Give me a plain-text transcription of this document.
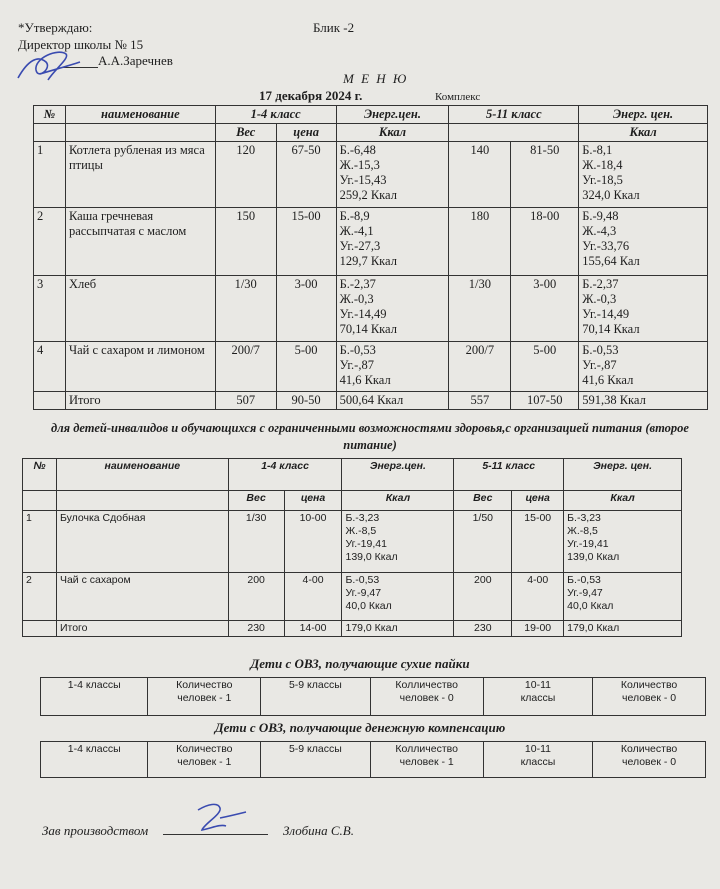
*Утверждаю:	Блик -2
Директор школы № 15
А.А.Заречнев
М Е Н Ю
17 декабря 2024 г.	Комплекс
№	наименование	1-4 класс		Энерг.цен.	5-11 класс		Энерг. цен.
		Вес	цена	Ккал			Ккал
1	Котлета рубленая из мяса птицы	120	67-50	Б.-6,48
Ж.-15,3
Уг.-15,43
259,2 Ккал	140	81-50	Б.-8,1
Ж.-18,4
Уг.-18,5
324,0 Ккал
2	Каша гречневая рассыпчатая с маслом	150	15-00	Б.-8,9
Ж.-4,1
Уг.-27,3
129,7 Ккал	180	18-00	Б.-9,48
Ж.-4,3
Уг.-33,76
155,64 Кал
3	Хлеб	1/30	3-00	Б.-2,37
Ж.-0,3
Уг.-14,49
70,14 Ккал	1/30	3-00	Б.-2,37
Ж.-0,3
Уг.-14,49
70,14 Ккал
4	Чай с сахаром и лимоном	200/7	5-00	Б.-0,53
Уг.-,87
41,6 Ккал	200/7	5-00	Б.-0,53
Уг.-,87
41,6 Ккал
	Итого	507	90-50	500,64 Ккал	557	107-50	591,38 Ккал
для детей-инвалидов и обучающихся с ограниченными возможностями здоровья,с организацией питания (второе питание)
№	наименование	1-4 класс		Энерг.цен.	5-11 класс		Энерг. цен.
		Вес	цена	Ккал	Вес	цена	Ккал
1	Булочка Сдобная	1/30	10-00	Б.-3,23
Ж.-8,5
Уг.-19,41
139,0 Ккал	1/50	15-00	Б.-3,23
Ж.-8,5
Уг.-19,41
139,0 Ккал
2	Чай с сахаром	200	4-00	Б.-0,53
Уг.-9,47
40,0 Ккал	200	4-00	Б.-0,53
Уг.-9,47
40,0 Ккал
	Итого	230	14-00	179,0 Ккал	230	19-00	179,0 Ккал
Дети с ОВЗ, получающие сухие пайки
1-4 классы	Количество
человек - 1	5-9 классы	Колличество
человек - 0	10-11
классы	Количество
человек - 0
Дети с ОВЗ, получающие денежную компенсацию
1-4 классы	Количество
человек - 1	5-9 классы	Колличество
человек - 1	10-11
классы	Количество
человек - 0
Зав производством	Злобина С.В.
